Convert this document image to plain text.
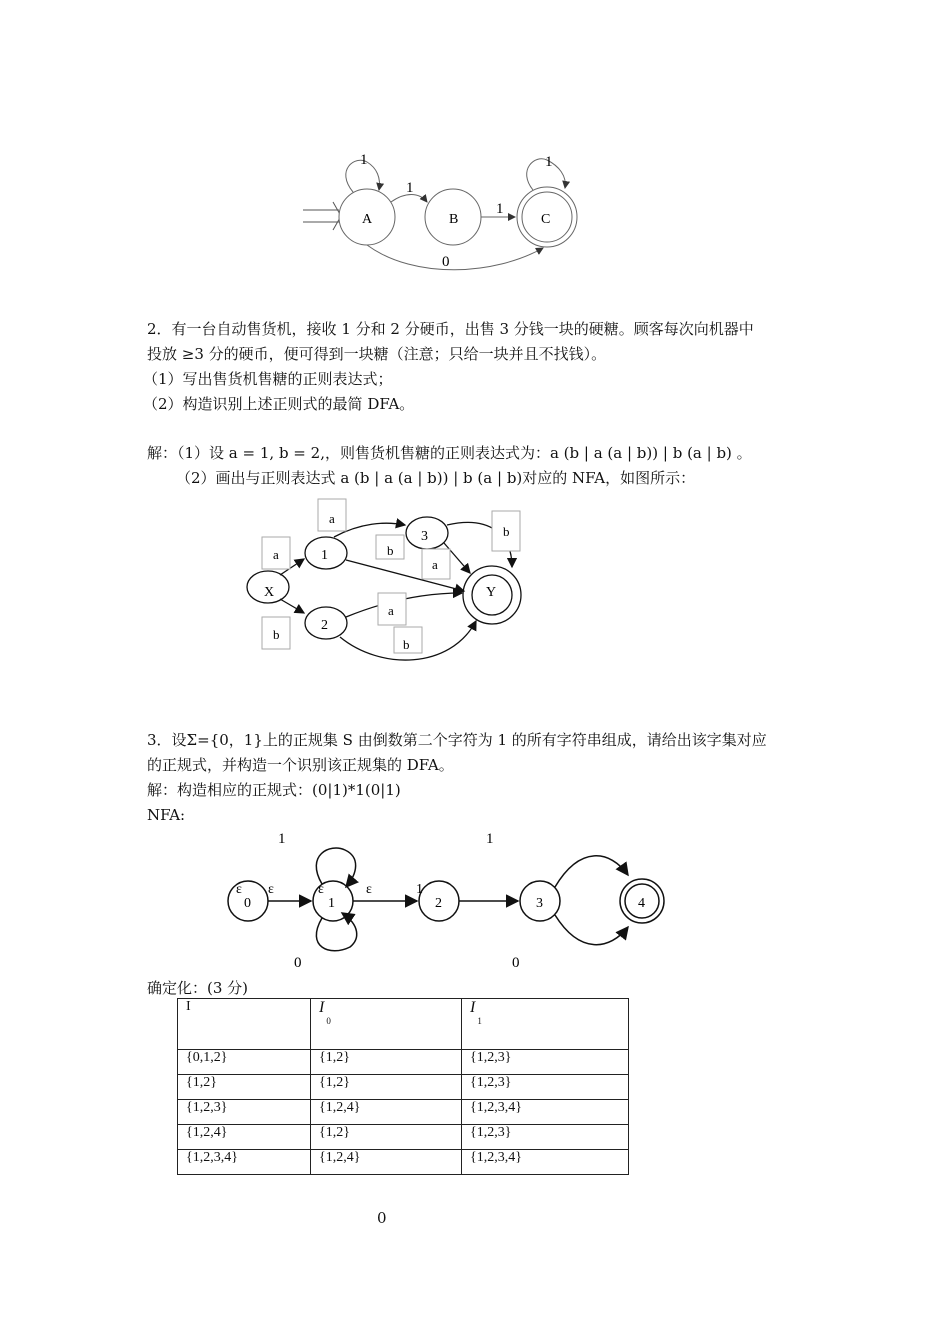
A	B	C
1
1
1
1
0
2．有一台自动售货机，接收 1 分和 2 分硬币，出售 3 分钱一块的硬糖。顾客每次向机器中
投放 ≥3 分的硬币，便可得到一块糖（注意；只给一块并且不找钱）。
（1）写出售货机售糖的正则表达式；
（2）构造识别上述正则式的最简 DFA。
解：（1）设 a = 1, b = 2,，则售货机售糖的正则表达式为：a (b | a (a | b)) | b (a | b) 。
（2）画出与正则表达式 a (b | a (a | b)) | b (a | b)对应的 NFA，如图所示：
X
1
2
3
Y
a
a	b
b
a
b
a
b
3．设Σ={0，1}上的正规集 S 由倒数第二个字符为 1 的所有字符串组成，请给出该字集对应
的正规式，并构造一个识别该正规集的 DFA。
解：构造相应的正规式：(0|1)*1(0|1)
NFA:
0	1	2	3	4
1	1
0	0
ε ε	ε	ε	1
确定化：(3 分)
I	$I_0$	$I_1$
{0,1,2}	{1,2}	{1,2,3}
{1,2}	{1,2}	{1,2,3}
{1,2,3}	{1,2,4}	{1,2,3,4}
{1,2,4}	{1,2}	{1,2,3}
{1,2,3,4}	{1,2,4}	{1,2,3,4}
0
